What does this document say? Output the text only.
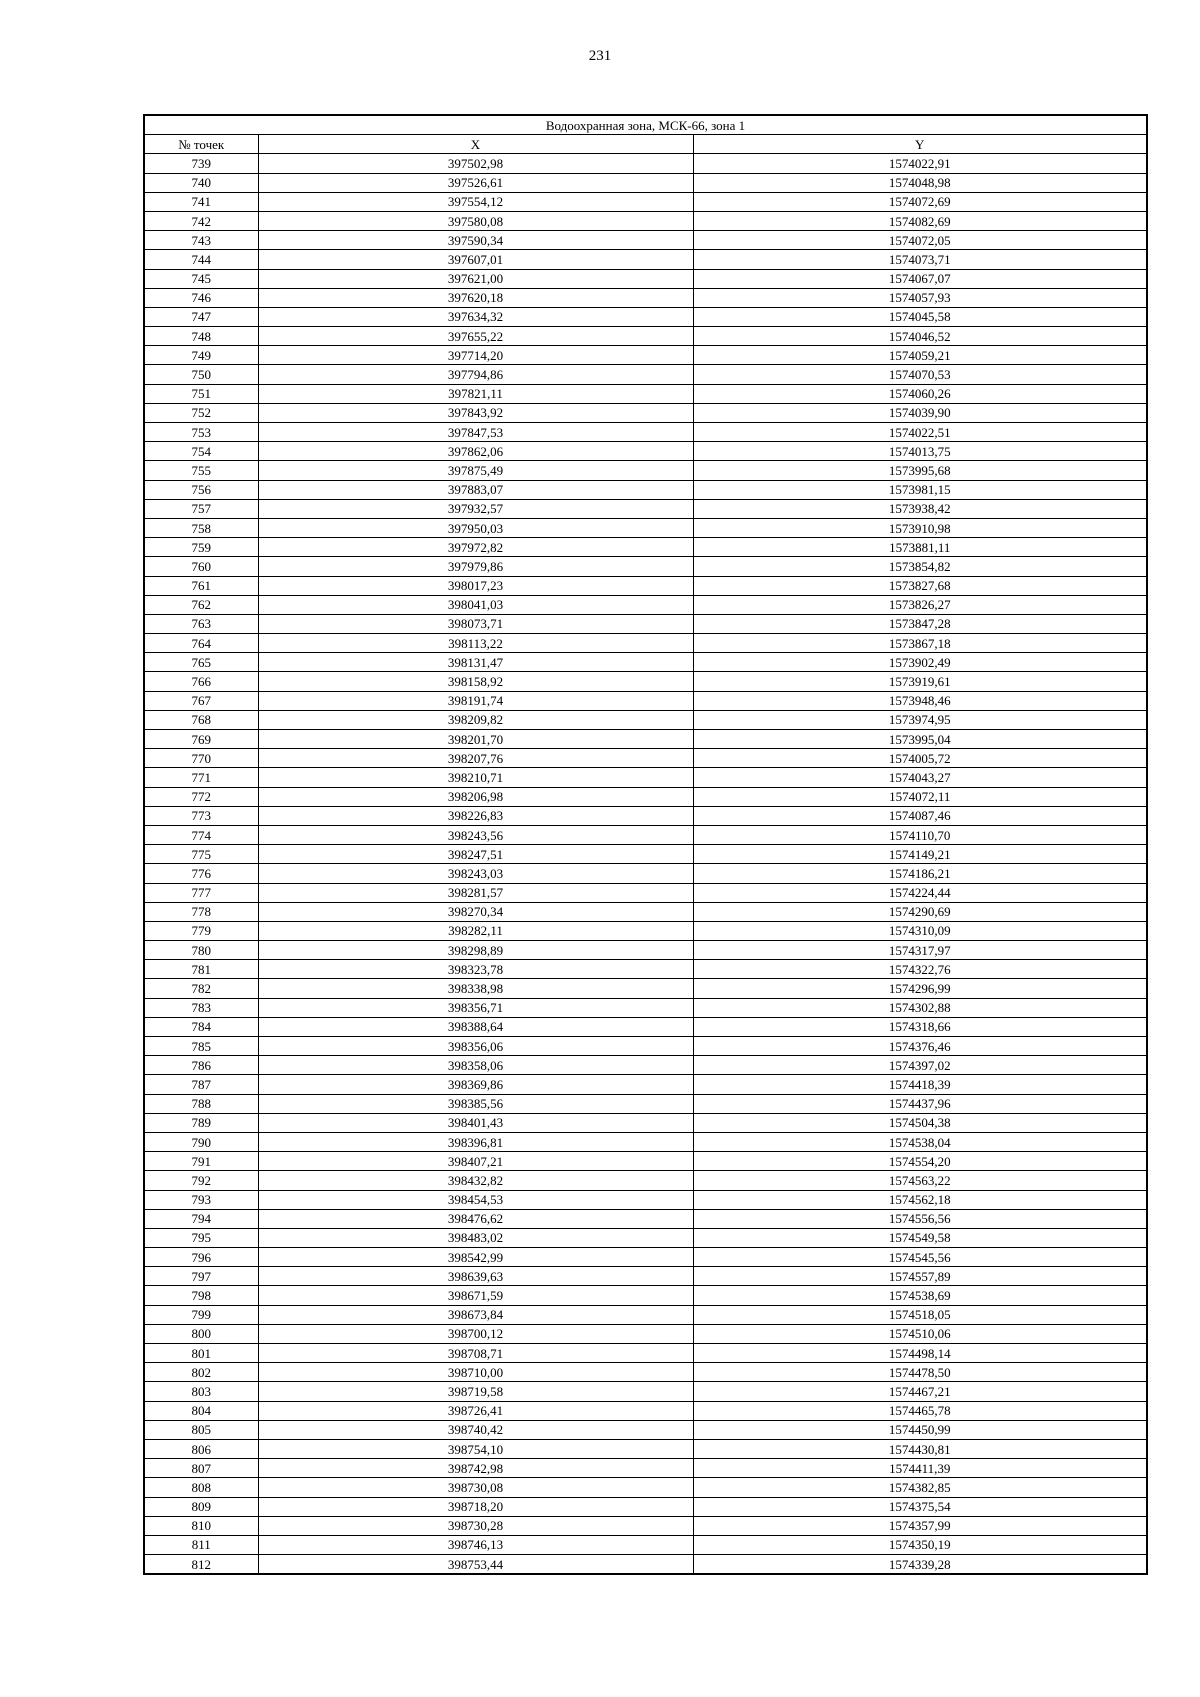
231
Водоохранная зона, МСК-66, зона 1		
№ точек	X	Y
739	397502,98	1574022,91
740	397526,61	1574048,98
741	397554,12	1574072,69
742	397580,08	1574082,69
743	397590,34	1574072,05
744	397607,01	1574073,71
745	397621,00	1574067,07
746	397620,18	1574057,93
747	397634,32	1574045,58
748	397655,22	1574046,52
749	397714,20	1574059,21
750	397794,86	1574070,53
751	397821,11	1574060,26
752	397843,92	1574039,90
753	397847,53	1574022,51
754	397862,06	1574013,75
755	397875,49	1573995,68
756	397883,07	1573981,15
757	397932,57	1573938,42
758	397950,03	1573910,98
759	397972,82	1573881,11
760	397979,86	1573854,82
761	398017,23	1573827,68
762	398041,03	1573826,27
763	398073,71	1573847,28
764	398113,22	1573867,18
765	398131,47	1573902,49
766	398158,92	1573919,61
767	398191,74	1573948,46
768	398209,82	1573974,95
769	398201,70	1573995,04
770	398207,76	1574005,72
771	398210,71	1574043,27
772	398206,98	1574072,11
773	398226,83	1574087,46
774	398243,56	1574110,70
775	398247,51	1574149,21
776	398243,03	1574186,21
777	398281,57	1574224,44
778	398270,34	1574290,69
779	398282,11	1574310,09
780	398298,89	1574317,97
781	398323,78	1574322,76
782	398338,98	1574296,99
783	398356,71	1574302,88
784	398388,64	1574318,66
785	398356,06	1574376,46
786	398358,06	1574397,02
787	398369,86	1574418,39
788	398385,56	1574437,96
789	398401,43	1574504,38
790	398396,81	1574538,04
791	398407,21	1574554,20
792	398432,82	1574563,22
793	398454,53	1574562,18
794	398476,62	1574556,56
795	398483,02	1574549,58
796	398542,99	1574545,56
797	398639,63	1574557,89
798	398671,59	1574538,69
799	398673,84	1574518,05
800	398700,12	1574510,06
801	398708,71	1574498,14
802	398710,00	1574478,50
803	398719,58	1574467,21
804	398726,41	1574465,78
805	398740,42	1574450,99
806	398754,10	1574430,81
807	398742,98	1574411,39
808	398730,08	1574382,85
809	398718,20	1574375,54
810	398730,28	1574357,99
811	398746,13	1574350,19
812	398753,44	1574339,28
